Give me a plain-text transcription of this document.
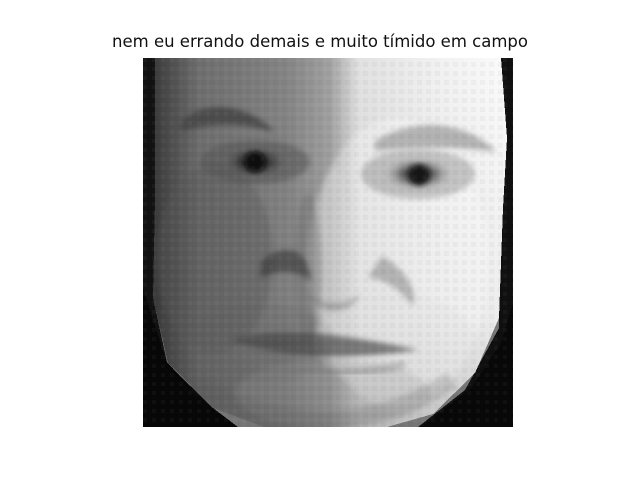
nem eu errando demais e muito tímido em campo
